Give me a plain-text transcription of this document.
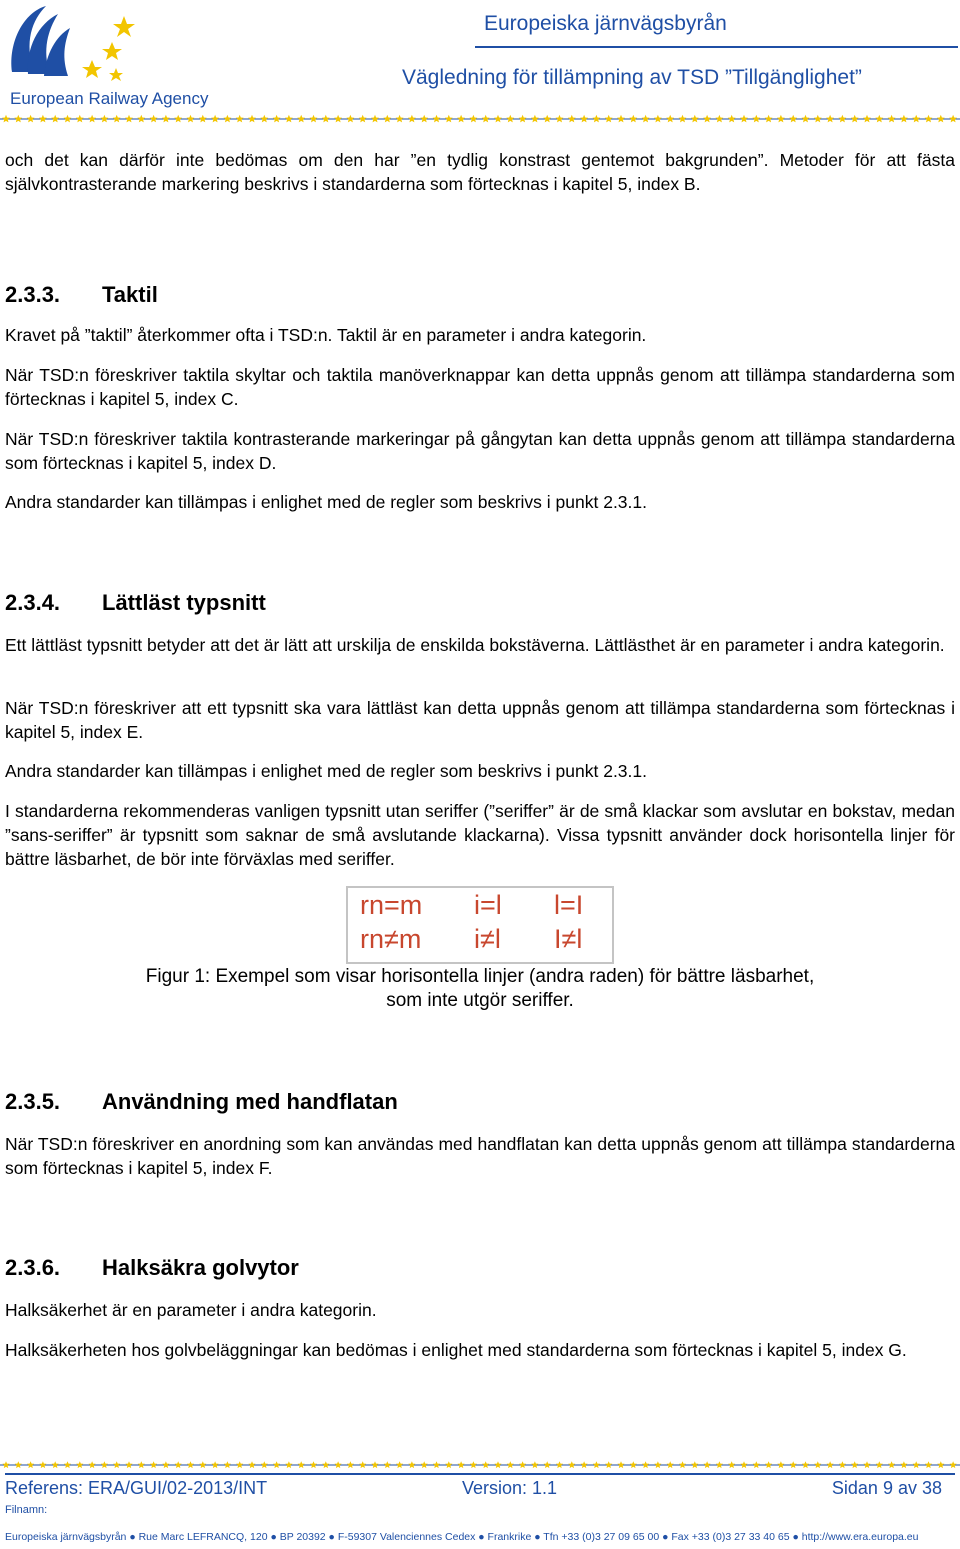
European Railway Agency
Europeiska järnvägsbyrån
Vägledning för tillämpning av TSD ”Tillgänglighet”
och det kan därför inte bedömas om den har ”en tydlig konstrast gentemot bakgrunden”. Metoder för att fästa självkontrasterande markering beskrivs i standarderna som förtecknas i kapitel 5, index B.
2.3.3. Taktil
Kravet på ”taktil” återkommer ofta i TSD:n. Taktil är en parameter i andra kategorin.
När TSD:n föreskriver taktila skyltar och taktila manöverknappar kan detta uppnås genom att tillämpa standarderna som förtecknas i kapitel 5, index C.
När TSD:n föreskriver taktila kontrasterande markeringar på gångytan kan detta uppnås genom att tillämpa standarderna som förtecknas i kapitel 5, index D.
Andra standarder kan tillämpas i enlighet med de regler som beskrivs i punkt 2.3.1.
2.3.4. Lättläst typsnitt
Ett lättläst typsnitt betyder att det är lätt att urskilja de enskilda bokstäverna. Lättlästhet är en parameter i andra kategorin.
När TSD:n föreskriver att ett typsnitt ska vara lättläst kan detta uppnås genom att tillämpa standarderna som förtecknas i kapitel 5, index E.
Andra standarder kan tillämpas i enlighet med de regler som beskrivs i punkt 2.3.1.
I standarderna rekommenderas vanligen typsnitt utan seriffer (”seriffer” är de små klackar som avslutar en bokstav, medan ”sans-seriffer” är typsnitt som saknar de små avslutande klackarna). Vissa typsnitt använder dock horisontella linjer för bättre läsbarhet, de bör inte förväxlas med seriffer.
rn=m i=l l=I
rn≠m i≠l I≠l
Figur 1: Exempel som visar horisontella linjer (andra raden) för bättre läsbarhet,
som inte utgör seriffer.
2.3.5. Användning med handflatan
När TSD:n föreskriver en anordning som kan användas med handflatan kan detta uppnås genom att tillämpa standarderna som förtecknas i kapitel 5, index F.
2.3.6. Halksäkra golvytor
Halksäkerhet är en parameter i andra kategorin.
Halksäkerheten hos golvbeläggningar kan bedömas i enlighet med standarderna som förtecknas i kapitel 5, index G.
Referens: ERA/GUI/02-2013/INT	Version: 1.1	Sidan 9 av 38
Filnamn:
Europeiska järnvägsbyrån ● Rue Marc LEFRANCQ, 120 ● BP 20392 ● F-59307 Valenciennes Cedex ● Frankrike ● Tfn +33 (0)3 27 09 65 00 ● Fax +33 (0)3 27 33 40 65 ● http://www.era.europa.eu
